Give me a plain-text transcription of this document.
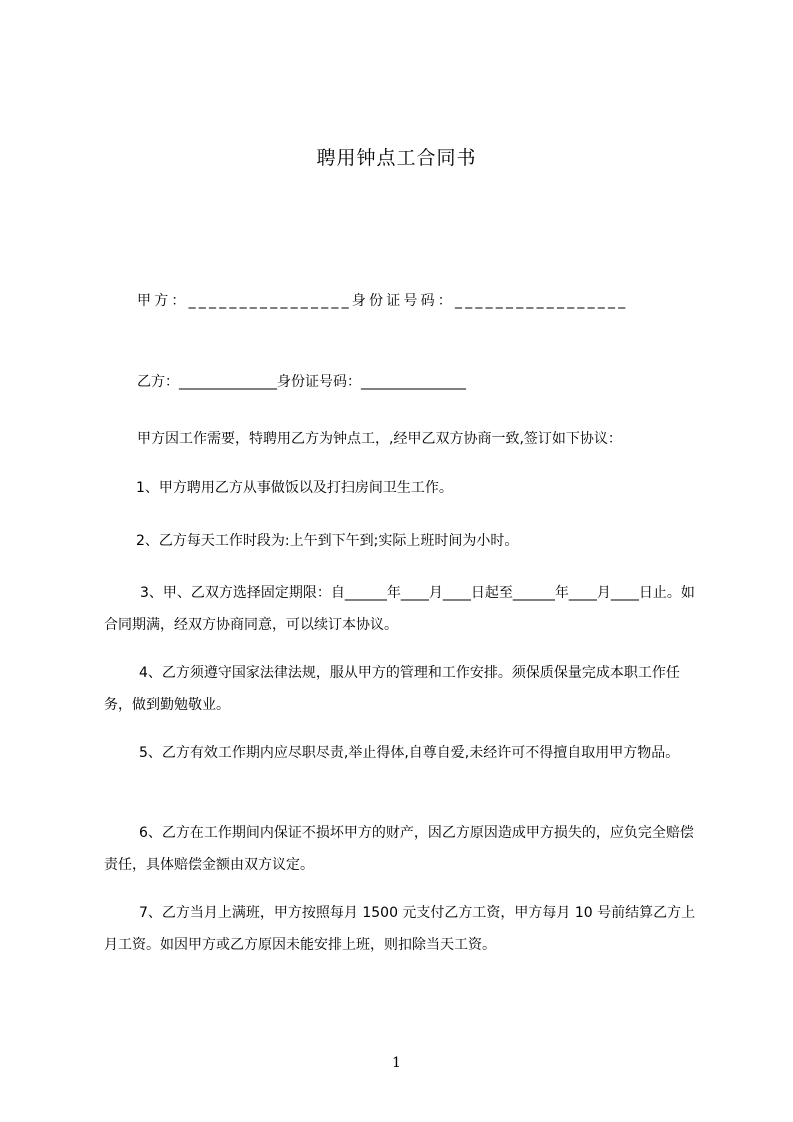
聘用钟点工合同书
甲方：________________身份证号码：_________________
乙方：______________身份证号码：_______________
甲方因工作需要，特聘用乙方为钟点工，,经甲乙双方协商一致,签订如下协议：
1、甲方聘用乙方从事做饭以及打扫房间卫生工作。
2、乙方每天工作时段为:上午到下午到;实际上班时间为小时。
3、甲、乙双方选择固定期限：自______年____月____日起至______年____月____日止。如合同期满，经双方协商同意，可以续订本协议。
4、乙方须遵守国家法律法规，服从甲方的管理和工作安排。须保质保量完成本职工作任务，做到勤勉敬业。
5、乙方有效工作期内应尽职尽责,举止得体,自尊自爱,未经许可不得擅自取用甲方物品。
6、乙方在工作期间内保证不损坏甲方的财产，因乙方原因造成甲方损失的，应负完全赔偿责任，具体赔偿金额由双方议定。
7、乙方当月上满班，甲方按照每月 1500 元支付乙方工资，甲方每月 10 号前结算乙方上月工资。如因甲方或乙方原因未能安排上班，则扣除当天工资。
1
